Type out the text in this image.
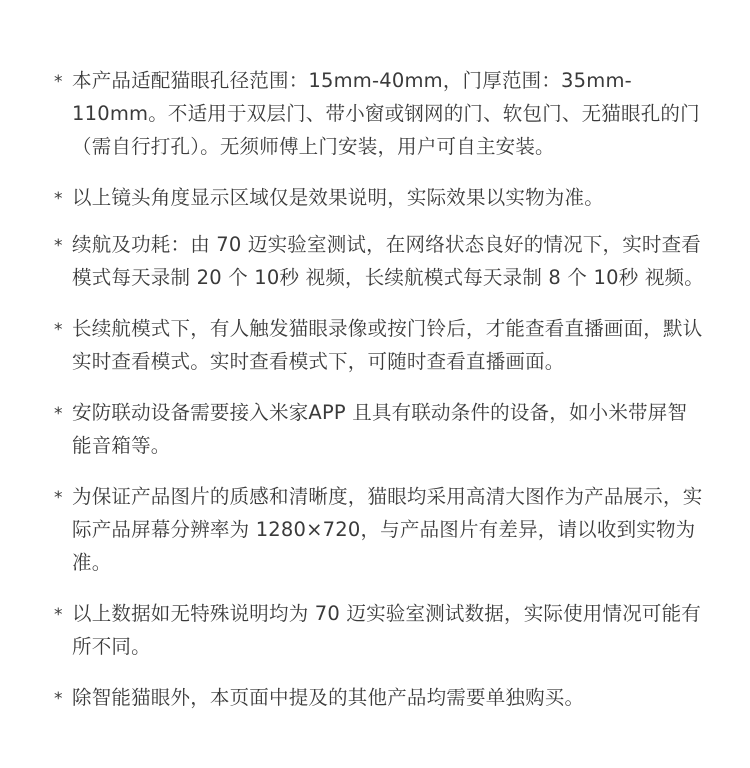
* 本产品适配猫眼孔径范围：15mm-40mm，门厚范围：35mm-110mm。不适用于双层门、带小窗或钢网的门、软包门、无猫眼孔的门（需自行打孔）。无须师傅上门安装，用户可自主安装。
* 以上镜头角度显示区域仅是效果说明，实际效果以实物为准。
* 续航及功耗：由 70 迈实验室测试，在网络状态良好的情况下，实时查看模式每天录制 20 个 10秒 视频，长续航模式每天录制 8 个 10秒 视频。
* 长续航模式下，有人触发猫眼录像或按门铃后，才能查看直播画面，默认实时查看模式。实时查看模式下，可随时查看直播画面。
* 安防联动设备需要接入米家APP 且具有联动条件的设备，如小米带屏智能音箱等。
* 为保证产品图片的质感和清晰度，猫眼均采用高清大图作为产品展示，实际产品屏幕分辨率为 1280×720，与产品图片有差异，请以收到实物为准。
* 以上数据如无特殊说明均为 70 迈实验室测试数据，实际使用情况可能有所不同。
* 除智能猫眼外，本页面中提及的其他产品均需要单独购买。
